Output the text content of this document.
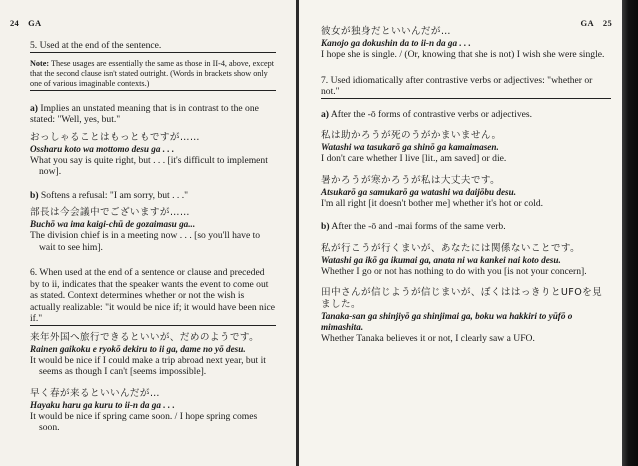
24 GA

5. Used at the end of the sentence.

Note: These usages are essentially the same as those in II-4, above, except that the second clause isn't stated outright. (Words in brackets show only one of various imaginable contexts.)

a) Implies an unstated meaning that is in contrast to the one stated: "Well, yes, but."

おっしゃることはもっともですが……

Ossharu koto wa mottomo desu ga . . .

What you say is quite right, but . . . [it's difficult to implement now].

b) Softens a refusal: "I am sorry, but . . ."

部長は今会議中でございますが……

Buchō wa ima kaigi-chū de gozaimasu ga...

The division chief is in a meeting now . . . [so you'll have to wait to see him].

6. When used at the end of a sentence or clause and preceded by to ii, indicates that the speaker wants the event to come out as stated. Context determines whether or not the wish is actually realizable: "it would be nice if; it would have been nice if."

来年外国へ旅行できるといいが、だめのようです。

Rainen gaikoku e ryokō dekiru to ii ga, dame no yō desu.

It would be nice if I could make a trip abroad next year, but it seems as though I can't [seems impossible].

早く春が来るといいんだが…

Hayaku haru ga kuru to ii-n da ga . . .

It would be nice if spring came soon. / I hope spring comes soon.

GA 25

彼女が独身だといいんだが…

Kanojo ga dokushin da to ii-n da ga . . .

I hope she is single. / (Or, knowing that she is not) I wish she were single.

7. Used idiomatically after contrastive verbs or adjectives: "whether or not."

a) After the -ō forms of contrastive verbs or adjectives.

私は助かろうが死のうがかまいません。

Watashi wa tasukarō ga shinō ga kamaimasen.

I don't care whether I live [lit., am saved] or die.

暑かろうが寒かろうが私は大丈夫です。

Atsukarō ga samukarō ga watashi wa daijōbu desu.

I'm all right [it doesn't bother me] whether it's hot or cold.

b) After the -ō and -mai forms of the same verb.

私が行こうが行くまいが、あなたには関係ないことです。

Watashi ga ikō ga ikumai ga, anata ni wa kankei nai koto desu.

Whether I go or not has nothing to do with you [is not your concern].

田中さんが信じようが信じまいが、ぼくははっきりとUFOを見ました。

Tanaka-san ga shinjiyō ga shinjimai ga, boku wa hakkiri to yūfō o mimashita.

Whether Tanaka believes it or not, I clearly saw a UFO.
